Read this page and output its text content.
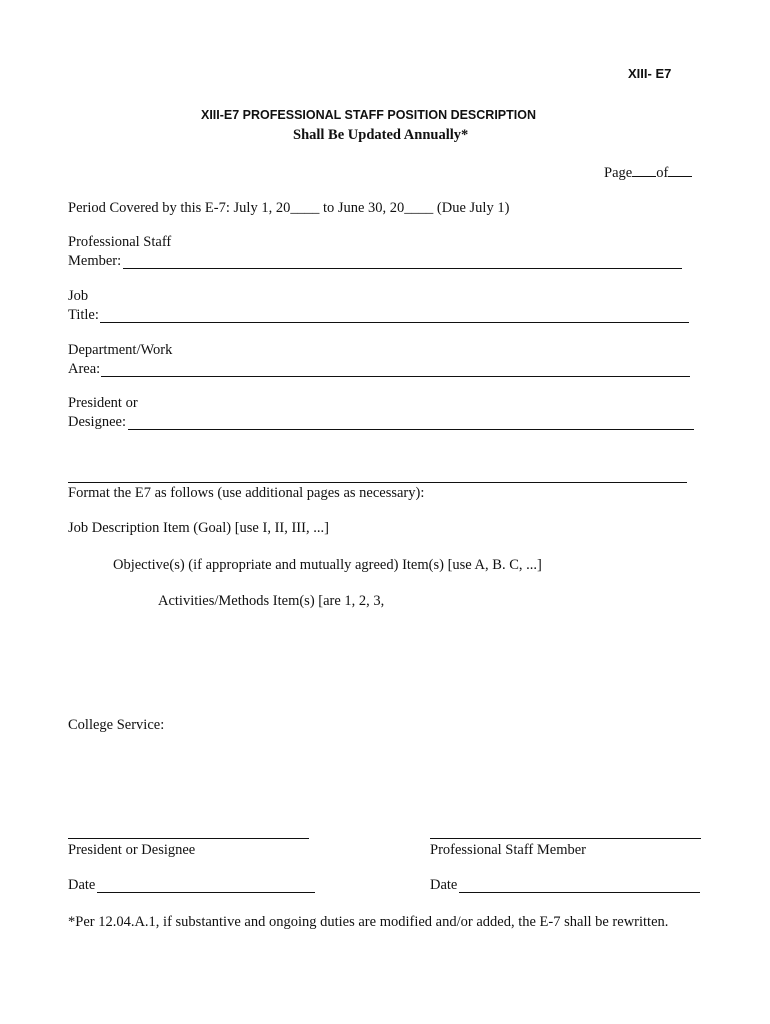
XIII- E7
XIII-E7 PROFESSIONAL STAFF POSITION DESCRIPTION
Shall Be Updated Annually*
Page of
Period Covered by this E-7: July 1, 20____ to June 30, 20____ (Due July 1)
Professional Staff
Member:
Job
Title:
Department/Work
Area:
President or
Designee:
Format the E7 as follows (use additional pages as necessary):
Job Description Item (Goal) [use I, II, III, ...]
Objective(s) (if appropriate and mutually agreed) Item(s) [use A, B. C, ...]
Activities/Methods Item(s) [are 1, 2, 3,
College Service:
President or Designee	Professional Staff Member
Date	Date
*Per 12.04.A.1, if substantive and ongoing duties are modified and/or added, the E-7 shall be rewritten.
